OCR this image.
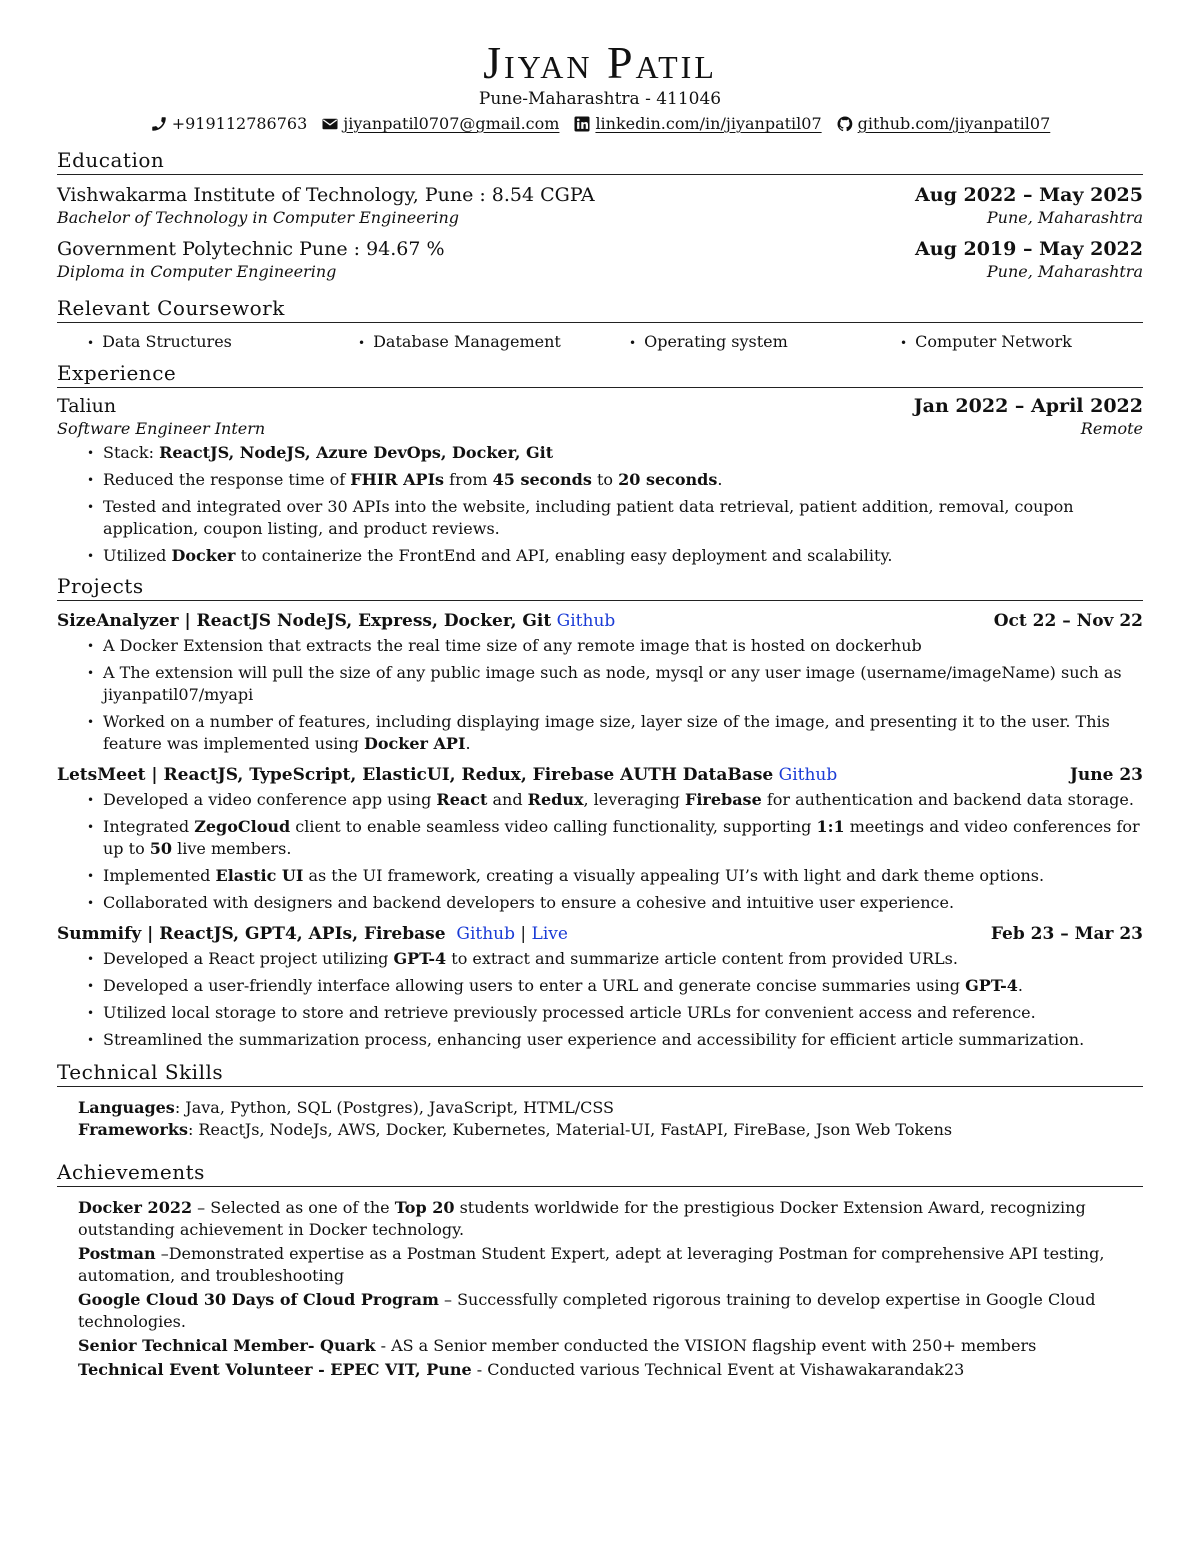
Jiyan Patil
Pune-Maharashtra - 411046
+919112786763 jiyanpatil0707@gmail.com linkedin.com/in/jiyanpatil07 github.com/jiyanpatil07
Education
Vishwakarma Institute of Technology, Pune : 8.54 CGPA	Aug 2022 – May 2025
Bachelor of Technology in Computer Engineering	Pune, Maharashtra
Government Polytechnic Pune : 94.67 %	Aug 2019 – May 2022
Diploma in Computer Engineering	Pune, Maharashtra
Relevant Coursework
• Data Structures	• Database Management	• Operating system	• Computer Network
Experience
Taliun	Jan 2022 – April 2022
Software Engineer Intern	Remote
• Stack: ReactJS, NodeJS, Azure DevOps, Docker, Git
• Reduced the response time of FHIR APIs from 45 seconds to 20 seconds.
• Tested and integrated over 30 APIs into the website, including patient data retrieval, patient addition, removal, coupon application, coupon listing, and product reviews.
• Utilized Docker to containerize the FrontEnd and API, enabling easy deployment and scalability.
Projects
SizeAnalyzer | ReactJS NodeJS, Express, Docker, Git Github	Oct 22 – Nov 22
• A Docker Extension that extracts the real time size of any remote image that is hosted on dockerhub
• A The extension will pull the size of any public image such as node, mysql or any user image (username/imageName) such as jiyanpatil07/myapi
• Worked on a number of features, including displaying image size, layer size of the image, and presenting it to the user. This feature was implemented using Docker API.
LetsMeet | ReactJS, TypeScript, ElasticUI, Redux, Firebase AUTH DataBase Github	June 23
• Developed a video conference app using React and Redux, leveraging Firebase for authentication and backend data storage.
• Integrated ZegoCloud client to enable seamless video calling functionality, supporting 1:1 meetings and video conferences for up to 50 live members.
• Implemented Elastic UI as the UI framework, creating a visually appealing UI’s with light and dark theme options.
• Collaborated with designers and backend developers to ensure a cohesive and intuitive user experience.
Summify | ReactJS, GPT4, APIs, Firebase Github | Live	Feb 23 – Mar 23
• Developed a React project utilizing GPT-4 to extract and summarize article content from provided URLs.
• Developed a user-friendly interface allowing users to enter a URL and generate concise summaries using GPT-4.
• Utilized local storage to store and retrieve previously processed article URLs for convenient access and reference.
• Streamlined the summarization process, enhancing user experience and accessibility for efficient article summarization.
Technical Skills
Languages: Java, Python, SQL (Postgres), JavaScript, HTML/CSS
Frameworks: ReactJs, NodeJs, AWS, Docker, Kubernetes, Material-UI, FastAPI, FireBase, Json Web Tokens
Achievements
Docker 2022 – Selected as one of the Top 20 students worldwide for the prestigious Docker Extension Award, recognizing outstanding achievement in Docker technology.
Postman –Demonstrated expertise as a Postman Student Expert, adept at leveraging Postman for comprehensive API testing, automation, and troubleshooting
Google Cloud 30 Days of Cloud Program – Successfully completed rigorous training to develop expertise in Google Cloud technologies.
Senior Technical Member- Quark - AS a Senior member conducted the VISION flagship event with 250+ members
Technical Event Volunteer - EPEC VIT, Pune - Conducted various Technical Event at Vishawakarandak23
